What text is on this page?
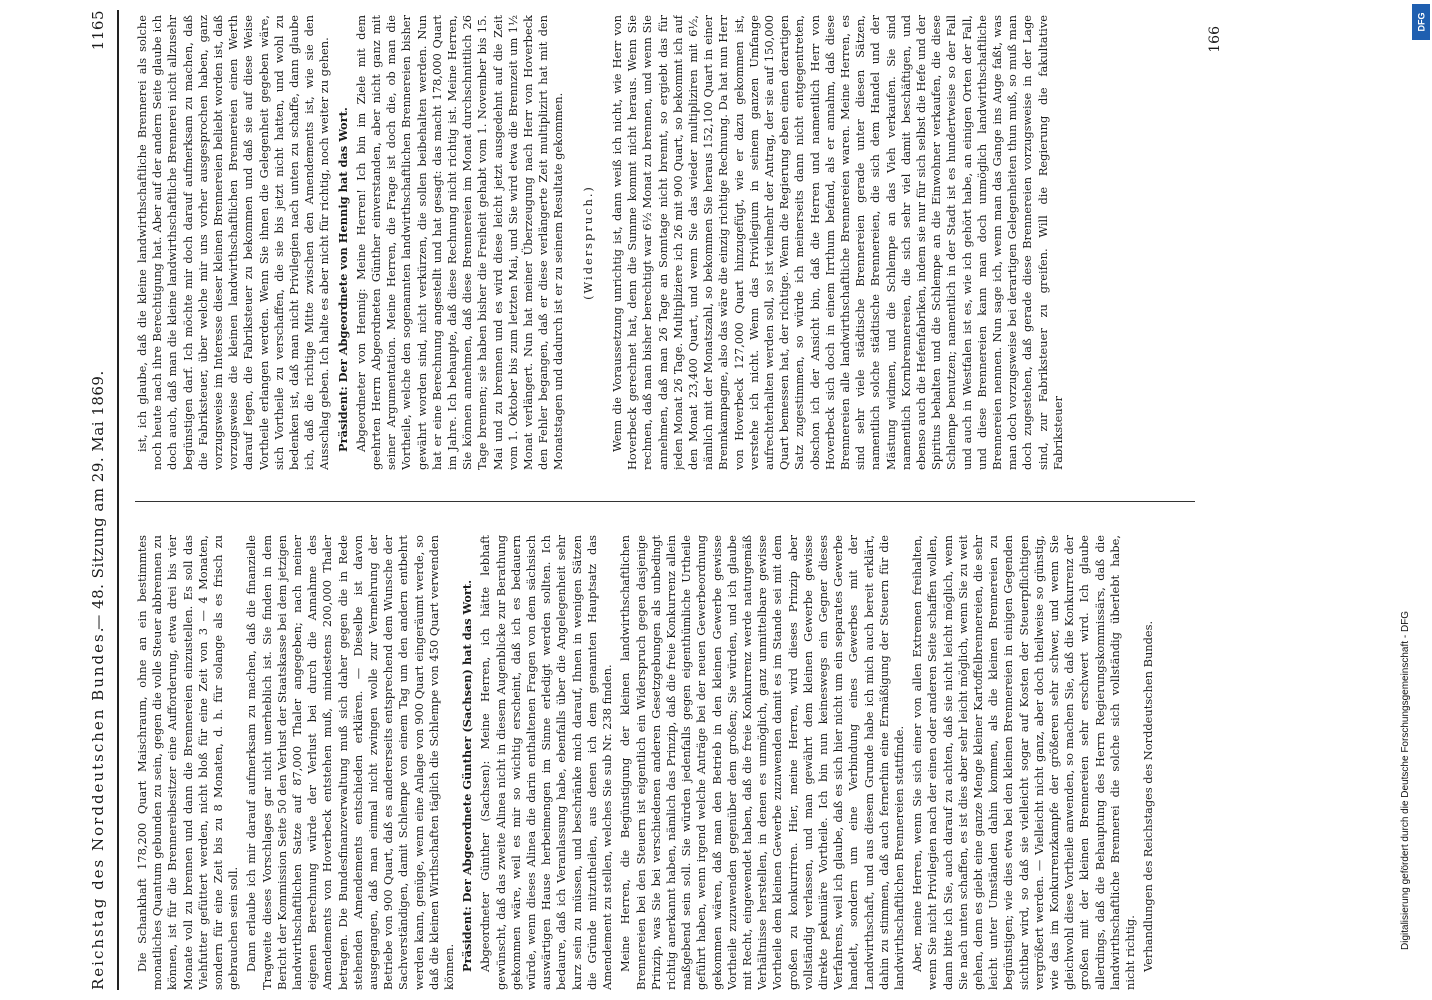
Reichstag des Norddeutschen Bundes.
— 48. Sitzung am 29. Mai 1869.
1165

Die Schankhaft 178,200 Quart Maischraum, ohne an ein bestimmtes monatliches Quantum gebunden zu sein, gegen die volle Steuer abbrennen zu können, ist für die Brennereibesitzer eine Aufforderung, etwa drei bis vier Monate voll zu brennen und dann die Brennereien einzustellen. Es soll das Viehfutter gefüttert werden, nicht bloß für eine Zeit von 3 — 4 Monaten, sondern für eine Zeit bis zu 8 Monaten, d. h. für solange als es frisch zu gebrauchen sein soll. Dann erlaube ich mir darauf aufmerksam zu machen, daß die finanzielle Tragweite dieses Vorschlages gar nicht unerheblich ist. Sie finden in dem Bericht der Kommission Seite 50 den Verlust der Staatskasse bei dem jetzigen landwirthschaftlichen Satze auf 87,000 Thaler angegeben; nach meiner eigenen Berechnung würde der Verlust bei durch die Annahme des Amendements von Hoverbeck entstehen muß, mindestens 200,000 Thaler betragen. Die Bundesfinanzverwaltung muß sich daher gegen die in Rede stehenden Amendements entschieden erklären. — Dieselbe ist davon ausgegangen, daß man einmal nicht zwingen wolle zur Vermehrung der Betriebe von 900 Quart, daß es andererseits entsprechend dem Wunsche der Sachverständigen, damit Schlempe von einem Tag um den andern entbehrt werden kann, genüge, wenn eine Anlage von 900 Quart eingeräumt werde, so daß die kleinen Wirthschaften täglich die Schlempe von 450 Quart verwenden können. Präsident: Der Abgeordnete Günther (Sachsen) hat das Wort. Abgeordneter Günther (Sachsen): Meine Herren, ich hätte lebhaft gewünscht, daß das zweite Alinea nicht in diesem Augenblicke zur Berathung gekommen wäre, weil es mir so wichtig erscheint, daß ich es bedauern würde, wenn dieses Alinea die darin enthaltenen Fragen von dem sächsisch auswärtigen Hause herbeimengen im Sinne erledigt werden sollten. Ich bedaure, daß ich Veranlassung habe, ebenfalls über die Angelegenheit sehr kurz sein zu müssen, und beschränke mich darauf, Ihnen in wenigen Sätzen die Gründe mitzutheilen, aus denen ich dem genannten Hauptsatz das Amendement zu stellen, welches Sie sub Nr. 238 finden. Meine Herren, die Begünstigung der kleinen landwirthschaftlichen Brennereien bei den Steuern ist eigentlich ein Widerspruch gegen dasjenige Prinzip, was Sie bei verschiedenen anderen Gesetzgebungen als unbedingt richtig anerkannt haben, nämlich das Prinzip, daß die freie Konkurrenz allein maßgebend sein soll. Sie würden jedenfalls gegen eigenthümliche Urtheile geführt haben, wenn irgend welche Anträge bei der neuen Gewerbeordnung gekommen wären, daß man den Betrieb in den kleinen Gewerbe gewisse Vortheile zuzuwenden gegenüber dem großen; Sie würden, und ich glaube mit Recht, eingewendet haben, daß die freie Konkurrenz werde naturgemäß Verhältnisse herstellen, in denen es unmöglich, ganz unmittelbare gewisse Vortheile dem kleinen Gewerbe zuzuwenden damit es im Stande sei mit dem großen zu konkurriren. Hier, meine Herren, wird dieses Prinzip aber vollständig verlassen, und man gewährt dem kleinen Gewerbe gewisse direkte pekuniäre Vortheile. Ich bin nun keineswegs ein Gegner dieses Verfahrens, weil ich glaube, daß es sich hier nicht um ein separates Gewerbe handelt, sondern um eine Verbindung eines Gewerbes mit der Landwirthschaft, und aus diesem Grunde habe ich mich auch bereit erklärt, dahin zu stimmen, daß auch fernerhin eine Ermäßigung der Steuern für die landwirthschaftlichen Brennereien stattfinde. Aber, meine Herren, wenn Sie sich einer von allen Extremen freihalten, wenn Sie nicht Privilegien nach der einen oder anderen Seite schaffen wollen, dann bitte ich Sie, auch darauf zu achten, daß sie nicht leicht möglich, wenn Sie nach unten schaffen, es ist dies aber sehr leicht möglich, wenn Sie zu weit gehen, denn es giebt eine ganze Menge kleiner Kartoffelbrennereien, die sehr leicht unter Umständen dahin kommen, als die kleinen Brennereien zu begünstigen; wie dies etwa bei den kleinen Brennereien in einigen Gegenden sichtbar wird, so daß sie vielleicht sogar auf Kosten der Steuerpflichtigen vergrößert werden. — Vielleicht nicht ganz, aber doch theilweise so günstig, wie das im Konkurrenzkampfe der größeren sehr schwer, und wenn Sie gleichwohl diese Vortheile anwenden, so machen Sie, daß die Konkurrenz der großen mit der kleinen Brennereien sehr erschwert wird. Ich glaube allerdings, daß die Behauptung des Herrn Regierungskommissärs, daß die landwirthschaftliche Brennerei die solche sich vollständig überlebt habe, nicht richtig. Verhandlungen des Reichstages des Norddeutschen Bundes.

ist, ich glaube, daß die kleine landwirthschaftliche Brennerei als solche noch heute nach ihre Berechtigung hat. Aber auf der andern Seite glaube ich doch auch, daß man die kleine landwirthschaftliche Brennerei nicht allzusehr begünstigen darf. Ich möchte mir doch darauf aufmerksam zu machen, daß die Fabriksteuer, über welche mir uns vorher ausgesprochen haben, ganz vorzugsweise im Interesse dieser kleinen Brennereien beliebt worden ist, daß vorzugsweise die kleinen landwirthschaftlichen Brennereien einen Werth darauf legen, die Fabriksteuer zu bekommen und daß sie auf diese Weise Vortheile erlangen werden. Wenn Sie ihnen die Gelegenheit gegeben wäre, sich Vortheile zu verschaffen, die sie bis jetzt nicht hatten, und wohl zu bedenken ist, daß man nicht Privilegien nach unten zu schaffe, dann glaube ich, daß die richtige Mitte zwischen den Amendements ist, wie sie den Ausschlag geben. Ich halte es aber nicht für richtig, noch weiter zu gehen. Präsident: Der Abgeordnete von Hennig hat das Wort. Abgeordneter von Hennig: Meine Herren! Ich bin im Ziele mit dem geehrten Herrn Abgeordneten Günther einverstanden, aber nicht ganz mit seiner Argumentation. Meine Herren, die Frage ist doch die, ob man die Vortheile, welche den sogenannten landwirthschaftlichen Brennereien bisher gewährt worden sind, nicht verkürzen, die sollen beibehalten werden. Nun hat er eine Berechnung angestellt und hat gesagt: das macht 178,000 Quart im Jahre. Ich behaupte, daß diese Rechnung nicht richtig ist. Meine Herren, Sie können annehmen, daß diese Brennereien im Monat durchschnittlich 26 Tage brennen; sie haben bisher die Freiheit gehabt vom 1. November bis 15. Mai und zu brennen und es wird diese leicht jetzt ausgedehnt auf die Zeit vom 1. Oktober bis zum letzten Mai, und Sie wird etwa die Brennzeit um 1½ Monat verlängert. Nun hat meiner Überzeugung nach Herr von Hoverbeck den Fehler begangen, daß er diese verlängerte Zeit multiplizirt hat mit den Monatstagen und dadurch ist er zu seinem Resultate gekommen. (Widerspruch.) Wenn die Voraussetzung unrichtig ist, dann weiß ich nicht, wie Herr von Hoverbeck gerechnet hat, denn die Summe kommt nicht heraus. Wenn Sie rechnen, daß man bisher berechtigt war 6½ Monat zu brennen, und wenn Sie annehmen, daß man 26 Tage an Sonntage nicht brennt, so ergiebt das für jeden Monat 26 Tage. Multipliziere ich 26 mit 900 Quart, so bekommt ich auf den Monat 23,400 Quart, und wenn Sie das wieder multipliziren mit 6½, nämlich mit der Monatszahl, so bekommen Sie heraus 152,100 Quart in einer Brennkampagne, also das wäre die einzig richtige Rechnung. Da hat nun Herr von Hoverbeck 127,000 Quart hinzugefügt, wie er dazu gekommen ist, verstehe ich nicht. Wenn das Privilegium in seinem ganzen Umfange aufrechterhalten werden soll, so ist vielmehr der Antrag, der sie auf 150,000 Quart bemessen hat, der richtige. Wenn die Regierung eben einen derartigen Satz zugestimmen, so würde ich meinerseits dann nicht entgegentreten, obschon ich der Ansicht bin, daß die Herren und namentlich Herr von Hoverbeck sich doch in einem Irrthum befand, als er annahm, daß diese Brennereien alle landwirthschaftliche Brennereien waren. Meine Herren, es sind sehr viele städtische Brennereien gerade unter diesen Sätzen, namentlich solche städtische Brennereien, die sich dem Handel und der Mästung widmen, und die Schlempe an das Vieh verkaufen. Sie sind namentlich Kornbrennereien, die sich sehr viel damit beschäftigen, und ebenso auch die Hefenfabriken, indem sie nur für sich selbst die Hefe und der Spiritus behalten und die Schlempe an die Einwohner verkaufen, die diese Schlempe benutzen; namentlich in der Stadt ist es hundertweise so der Fall und auch in Westfalen ist es, wie ich gehört habe, an einigen Orten der Fall, und diese Brennereien kann man doch unmöglich landwirthschaftliche Brennereien nennen. Nun sage ich, wenn man das Gange ins Auge faßt, was man doch vorzugsweise bei derartigen Gelegenheiten thun muß, so muß man doch zugestehen, daß gerade diese Brennereien vorzugsweise in der Lage sind, zur Fabriksteuer zu greifen. Will die Regierung die fakultative Fabriksteuer

166
Digitalisierung gefördert durch die Deutsche Forschungsgemeinschaft - DFG
DFG
